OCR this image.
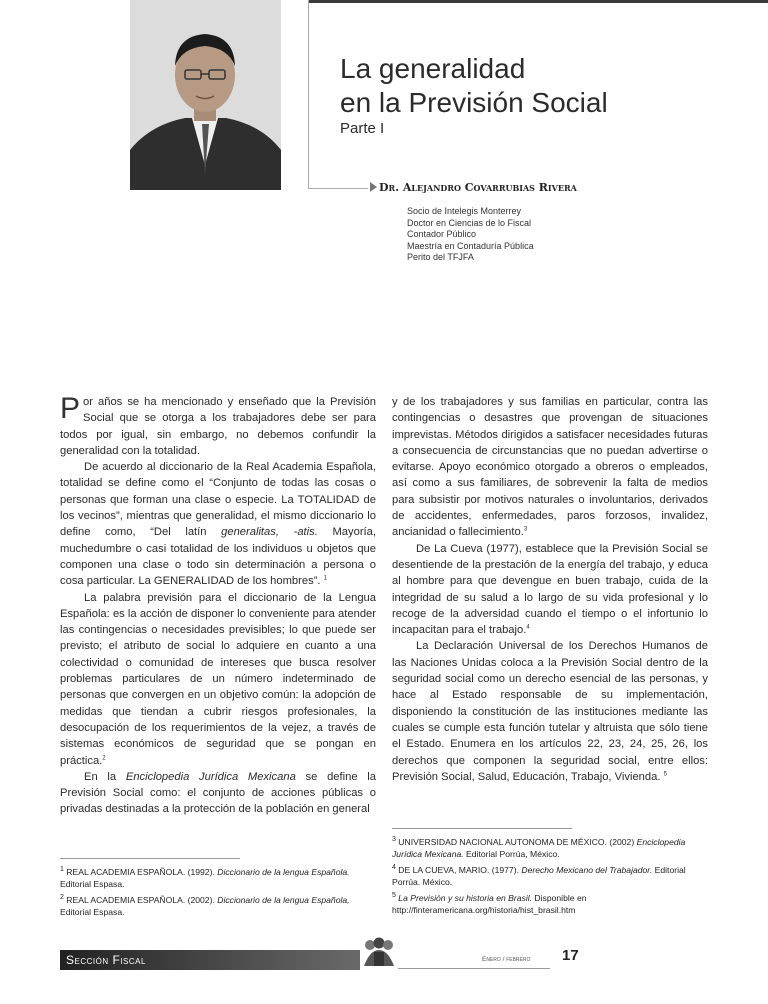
La generalidad
en la Previsión Social
Parte I
Dr. Alejandro Covarrubias Rivera
Socio de Intelegis Monterrey
Doctor en Ciencias de lo Fiscal
Contador Público
Maestría en Contaduría Pública
Perito del TFJFA

Por años se ha mencionado y enseñado que la Previsión Social que se otorga a los trabajadores debe ser para todos por igual, sin embargo, no debemos confundir la generalidad con la totalidad.

De acuerdo al diccionario de la Real Academia Española, totalidad se define como el “Conjunto de todas las cosas o personas que forman una clase o especie. La TOTALIDAD de los vecinos”, mientras que generalidad, el mismo diccionario lo define como, “Del latín generalitas, -atis. Mayoría, muchedumbre o casi totalidad de los individuos u objetos que componen una clase o todo sin determinación a persona o cosa particular. La GENERALIDAD de los hombres”. $^1$

La palabra previsión para el diccionario de la Lengua Española: es la acción de disponer lo conveniente para atender las contingencias o necesidades previsibles; lo que puede ser previsto; el atributo de social lo adquiere en cuanto a una colectividad o comunidad de intereses que busca resolver problemas particulares de un número indeterminado de personas que convergen en un objetivo común: la adopción de medidas que tiendan a cubrir riesgos profesionales, la desocupación de los requerimientos de la vejez, a través de sistemas económicos de seguridad que se pongan en práctica.$^2$

En la Enciclopedia Jurídica Mexicana se define la Previsión Social como: el conjunto de acciones públicas o privadas destinadas a la protección de la población en general

y de los trabajadores y sus familias en particular, contra las contingencias o desastres que provengan de situaciones imprevistas. Métodos dirigidos a satisfacer necesidades futuras a consecuencia de circunstancias que no puedan advertirse o evitarse. Apoyo económico otorgado a obreros o empleados, así como a sus familiares, de sobrevenir la falta de medios para subsistir por motivos naturales o involuntarios, derivados de accidentes, enfermedades, paros forzosos, invalidez, ancianidad o fallecimiento.$^3$

De La Cueva (1977), establece que la Previsión Social se desentiende de la prestación de la energía del trabajo, y educa al hombre para que devengue en buen trabajo, cuida de la integridad de su salud a lo largo de su vida profesional y lo recoge de la adversidad cuando el tiempo o el infortunio lo incapacitan para el trabajo.$^4$

La Declaración Universal de los Derechos Humanos de las Naciones Unidas coloca a la Previsión Social dentro de la seguridad social como un derecho esencial de las personas, y hace al Estado responsable de su implementación, disponiendo la constitución de las instituciones mediante las cuales se cumple esta función tutelar y altruista que sólo tiene el Estado. Enumera en los artículos 22, 23, 24, 25, 26, los derechos que componen la seguridad social, entre ellos: Previsión Social, Salud, Educación, Trabajo, Vivienda. $^5$

$^1$ REAL ACADEMIA ESPAÑOLA. (1992). Diccionario de la lengua Española. Editorial Espasa.

$^2$ REAL ACADEMIA ESPAÑOLA. (2002). Diccionario de la lengua Española, Editorial Espasa.

$^3$ UNIVERSIDAD NACIONAL AUTONOMA DE MÉXICO. (2002) Enciclopedia Jurídica Mexicana. Editorial Porrúa, México.

$^4$ DE LA CUEVA, MARIO. (1977). Derecho Mexicano del Trabajador. Editorial Porrúa. México.

$^5$ La Previsión y su historia en Brasil. Disponible en http://finteramericana.org/historia/hist_brasil.htm

Sección Fiscal	Enero / febrero 17
